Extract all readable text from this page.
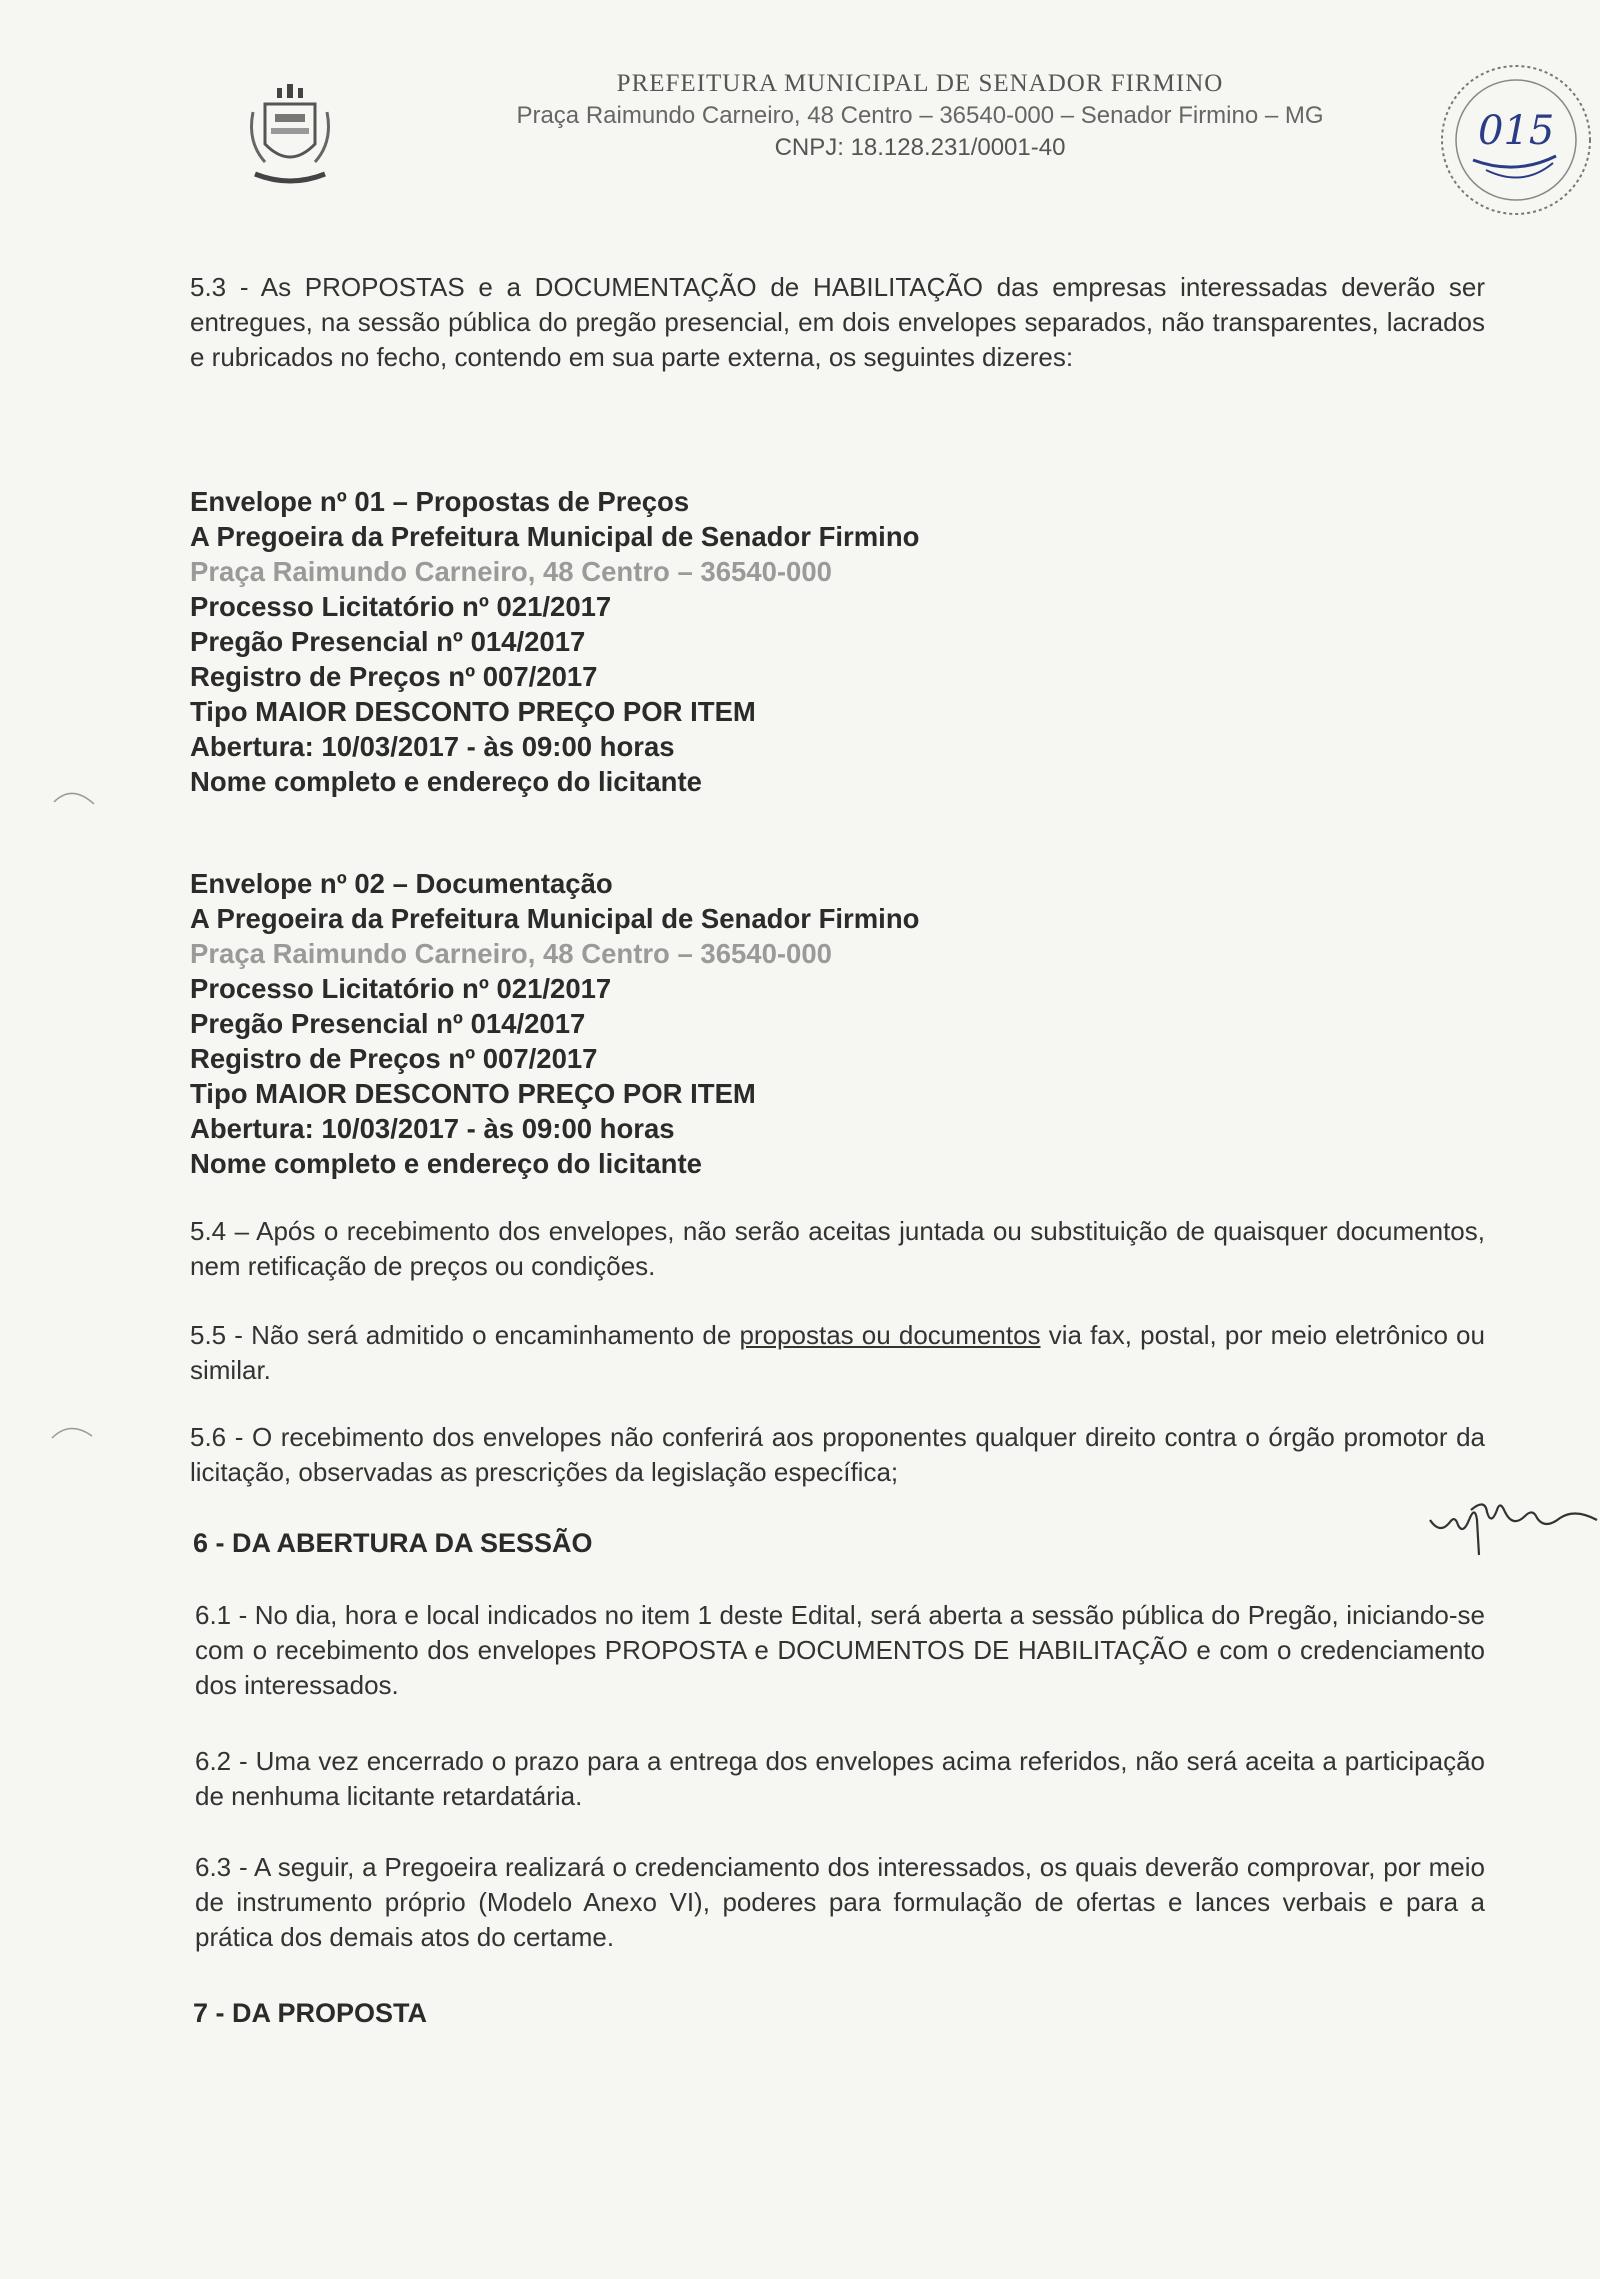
PREFEITURA MUNICIPAL DE SENADOR FIRMINO
Praça Raimundo Carneiro, 48 Centro – 36540-000 – Senador Firmino – MG
CNPJ: 18.128.231/0001-40	015

5.3 - As PROPOSTAS e a DOCUMENTAÇÃO de HABILITAÇÃO das empresas interessadas deverão ser entregues, na sessão pública do pregão presencial, em dois envelopes separados, não transparentes, lacrados e rubricados no fecho, contendo em sua parte externa, os seguintes dizeres:

Envelope nº 01 – Propostas de Preços
A Pregoeira da Prefeitura Municipal de Senador Firmino
Praça Raimundo Carneiro, 48 Centro – 36540-000
Processo Licitatório nº 021/2017
Pregão Presencial nº 014/2017
Registro de Preços nº 007/2017
Tipo MAIOR DESCONTO PREÇO POR ITEM
Abertura: 10/03/2017 - às 09:00 horas
Nome completo e endereço do licitante
Envelope nº 02 – Documentação
A Pregoeira da Prefeitura Municipal de Senador Firmino
Praça Raimundo Carneiro, 48 Centro – 36540-000
Processo Licitatório nº 021/2017
Pregão Presencial nº 014/2017
Registro de Preços nº 007/2017
Tipo MAIOR DESCONTO PREÇO POR ITEM
Abertura: 10/03/2017 - às 09:00 horas
Nome completo e endereço do licitante

5.4 – Após o recebimento dos envelopes, não serão aceitas juntada ou substituição de quaisquer documentos, nem retificação de preços ou condições.

5.5 - Não será admitido o encaminhamento de propostas ou documentos via fax, postal, por meio eletrônico ou similar.

5.6 - O recebimento dos envelopes não conferirá aos proponentes qualquer direito contra o órgão promotor da licitação, observadas as prescrições da legislação específica;

6 - DA ABERTURA DA SESSÃO

6.1 - No dia, hora e local indicados no item 1 deste Edital, será aberta a sessão pública do Pregão, iniciando-se com o recebimento dos envelopes PROPOSTA e DOCUMENTOS DE HABILITAÇÃO e com o credenciamento dos interessados.

6.2 - Uma vez encerrado o prazo para a entrega dos envelopes acima referidos, não será aceita a participação de nenhuma licitante retardatária.

6.3 - A seguir, a Pregoeira realizará o credenciamento dos interessados, os quais deverão comprovar, por meio de instrumento próprio (Modelo Anexo VI), poderes para formulação de ofertas e lances verbais e para a prática dos demais atos do certame.

7 - DA PROPOSTA
